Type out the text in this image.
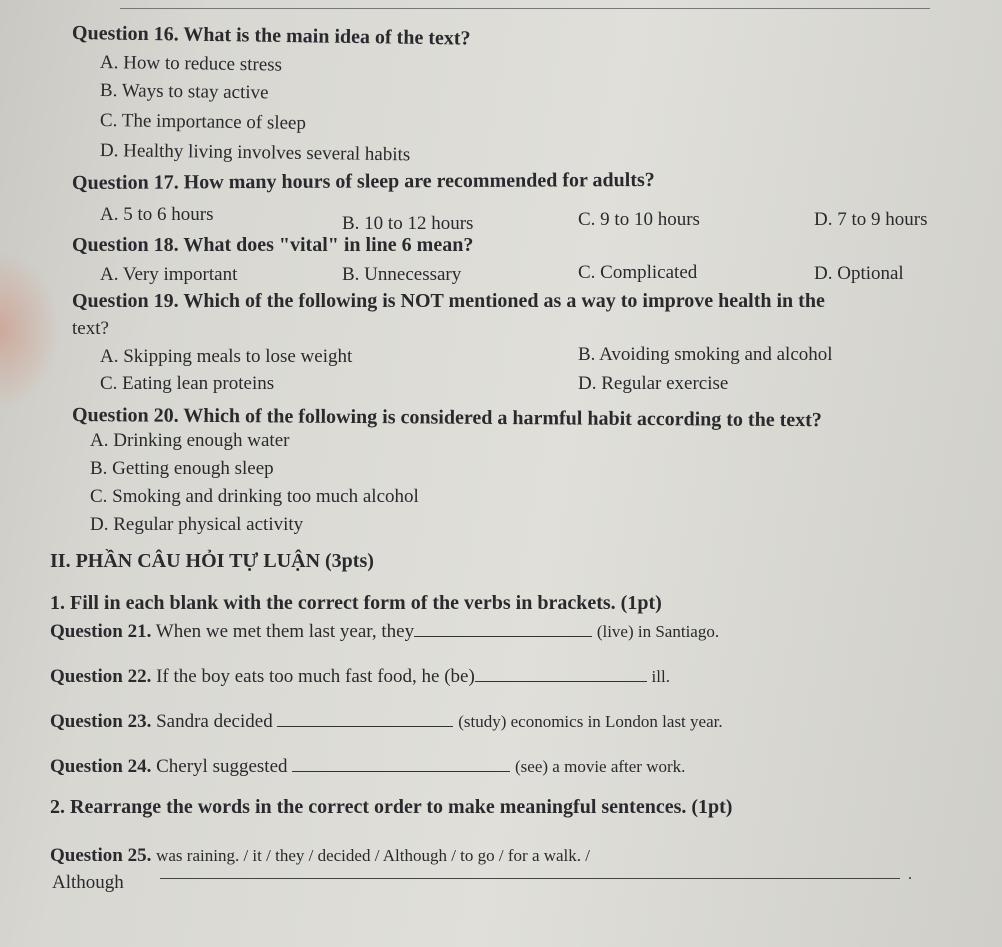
Question 16. What is the main idea of the text?
A. How to reduce stress
B. Ways to stay active
C. The importance of sleep
D. Healthy living involves several habits
Question 17. How many hours of sleep are recommended for adults?
A. 5 to 6 hours	B. 10 to 12 hours	C. 9 to 10 hours	D. 7 to 9 hours
Question 18. What does "vital" in line 6 mean?
A. Very important	B. Unnecessary	C. Complicated	D. Optional
Question 19. Which of the following is NOT mentioned as a way to improve health in the
text?
A. Skipping meals to lose weight	B. Avoiding smoking and alcohol
C. Eating lean proteins	D. Regular exercise
Question 20. Which of the following is considered a harmful habit according to the text?
A. Drinking enough water
B. Getting enough sleep
C. Smoking and drinking too much alcohol
D. Regular physical activity
II. PHẦN CÂU HỎI TỰ LUẬN (3pts)
1. Fill in each blank with the correct form of the verbs in brackets. (1pt)
Question 21. When we met them last year, they	(live) in Santiago.
Question 22. If the boy eats too much fast food, he (be)	ill.
Question 23. Sandra decided	(study) economics in London last year.
Question 24. Cheryl suggested	(see) a movie after work.
2. Rearrange the words in the correct order to make meaningful sentences. (1pt)
Question 25. was raining. / it / they / decided / Although / to go / for a walk. /
Although	.
